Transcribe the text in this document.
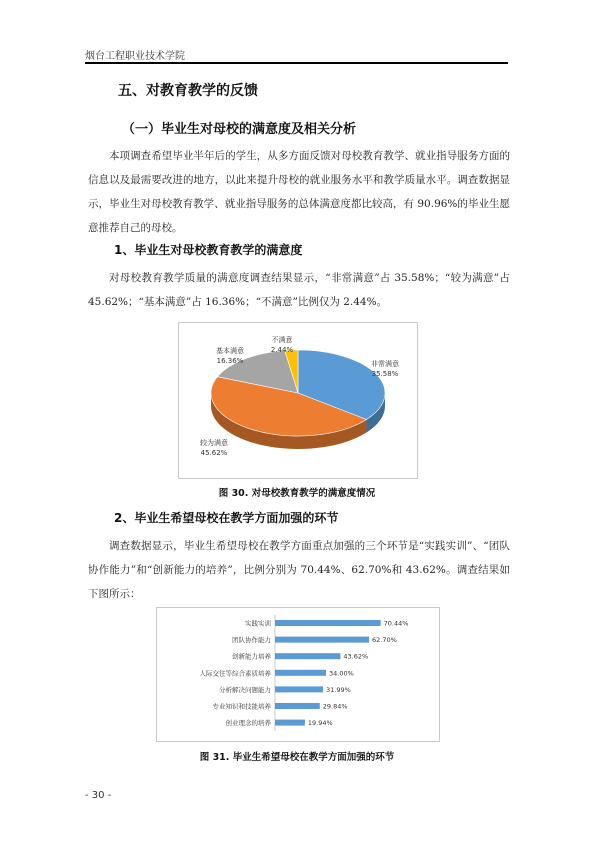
烟台工程职业技术学院
五、对教育教学的反馈
（一）毕业生对母校的满意度及相关分析
本项调查希望毕业半年后的学生，从多方面反馈对母校教育教学、就业指导服务方面的信息以及最需要改进的地方，以此来提升母校的就业服务水平和教学质量水平。调查数据显示，毕业生对母校教育教学、就业指导服务的总体满意度都比较高，有 90.96%的毕业生愿意推荐自己的母校。
1、毕业生对母校教育教学的满意度
对母校教育教学质量的满意度调查结果显示，“非常满意”占 35.58%；“较为满意”占 45.62%；“基本满意”占 16.36%；“不满意”比例仅为 2.44%。
非常满意
35.58%
较为满意
45.62%
基本满意
16.36%
不满意
2.44%
图 30. 对母校教育教学的满意度情况
2、毕业生希望母校在教学方面加强的环节
调查数据显示，毕业生希望母校在教学方面重点加强的三个环节是“实践实训”、“团队协作能力”和“创新能力的培养”，比例分别为 70.44%、62.70%和 43.62%。调查结果如下图所示：
实践实训	70.44%
团队协作能力	62.70%
创新能力培养	43.62%
人际交往等综合素质培养	34.00%
分析解决问题能力	31.99%
专业知识和技能培养	29.84%
创业理念的培养	19.94%
图 31. 毕业生希望母校在教学方面加强的环节
- 30 -
